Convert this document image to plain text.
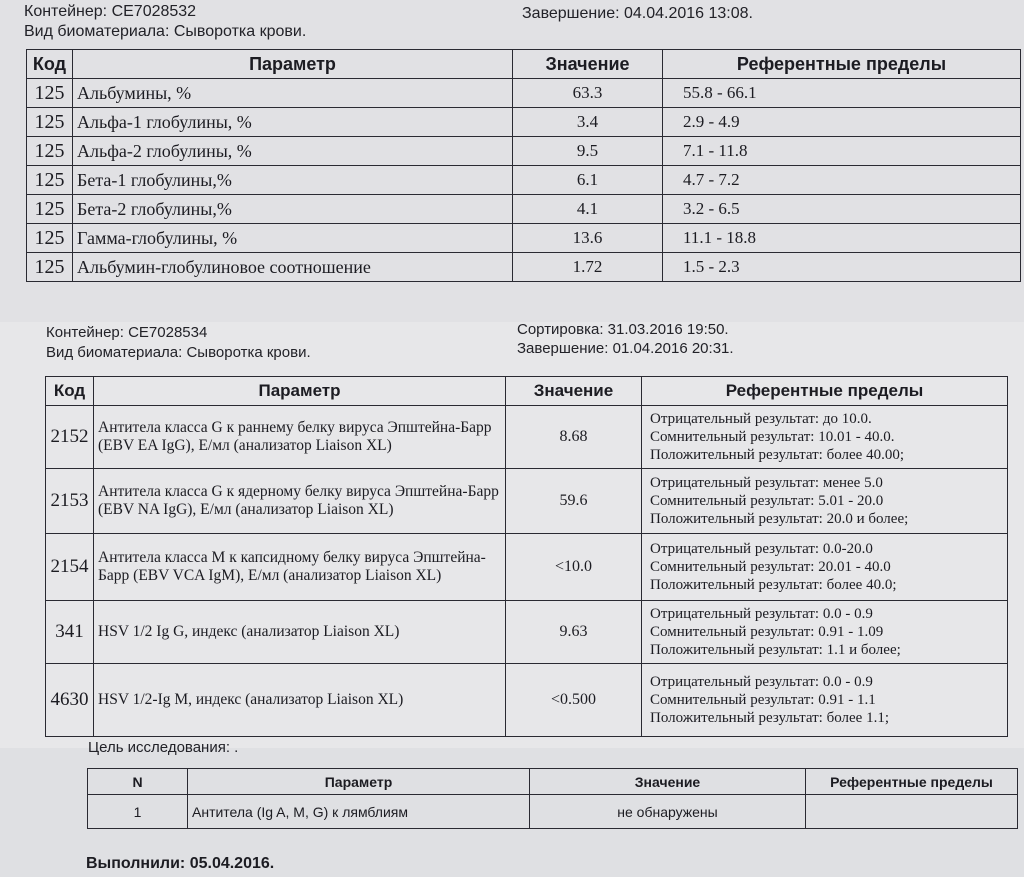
Контейнер: CE7028532	Завершение: 04.04.2016 13:08.
Вид биоматериала: Сыворотка крови.
Код	Параметр	Значение	Референтные пределы
125	Альбумины, %	63.3	55.8 - 66.1
125	Альфа-1 глобулины, %	3.4	2.9 - 4.9
125	Альфа-2 глобулины, %	9.5	7.1 - 11.8
125	Бета-1 глобулины,%	6.1	4.7 - 7.2
125	Бета-2 глобулины,%	4.1	3.2 - 6.5
125	Гамма-глобулины, %	13.6	11.1 - 18.8
125	Альбумин-глобулиновое соотношение	1.72	1.5 - 2.3
Контейнер: CE7028534	Сортировка: 31.03.2016 19:50.
Завершение: 01.04.2016 20:31.
Вид биоматериала: Сыворотка крови.
Код	Параметр	Значение	Референтные пределы
2152	Антитела класса G к раннему белку вируса Эпштейна-Барр (EBV EA IgG), Е/мл (анализатор Liaison XL)	8.68	Отрицательный результат: до 10.0.
Сомнительный результат: 10.01 - 40.0.
Положительный результат: более 40.00;

2153	Антитела класса G к ядерному белку вируса Эпштейна-Барр (EBV NA IgG), Е/мл (анализатор Liaison XL)	59.6	Отрицательный результат: менее 5.0
Сомнительный результат: 5.01 - 20.0
Положительный результат: 20.0 и более;

2154	Антитела класса М к капсидному белку вируса Эпштейна-Барр (EBV VCA IgM), Е/мл (анализатор Liaison XL)	<10.0	Отрицательный результат: 0.0-20.0
Сомнительный результат: 20.01 - 40.0
Положительный результат: более 40.0;

341	HSV 1/2 Ig G, индекс (анализатор Liaison XL)	9.63	Отрицательный результат: 0.0 - 0.9
Сомнительный результат: 0.91 - 1.09
Положительный результат: 1.1 и более;

4630	HSV 1/2-Ig M, индекс (анализатор Liaison XL)	<0.500	Отрицательный результат: 0.0 - 0.9
Сомнительный результат: 0.91 - 1.1
Положительный результат: более 1.1;
Цель исследования: .
N	Параметр	Значение	Референтные пределы
1	Антитела (Ig A, M, G) к лямблиям	не обнаружены	
Выполнили: 05.04.2016.
